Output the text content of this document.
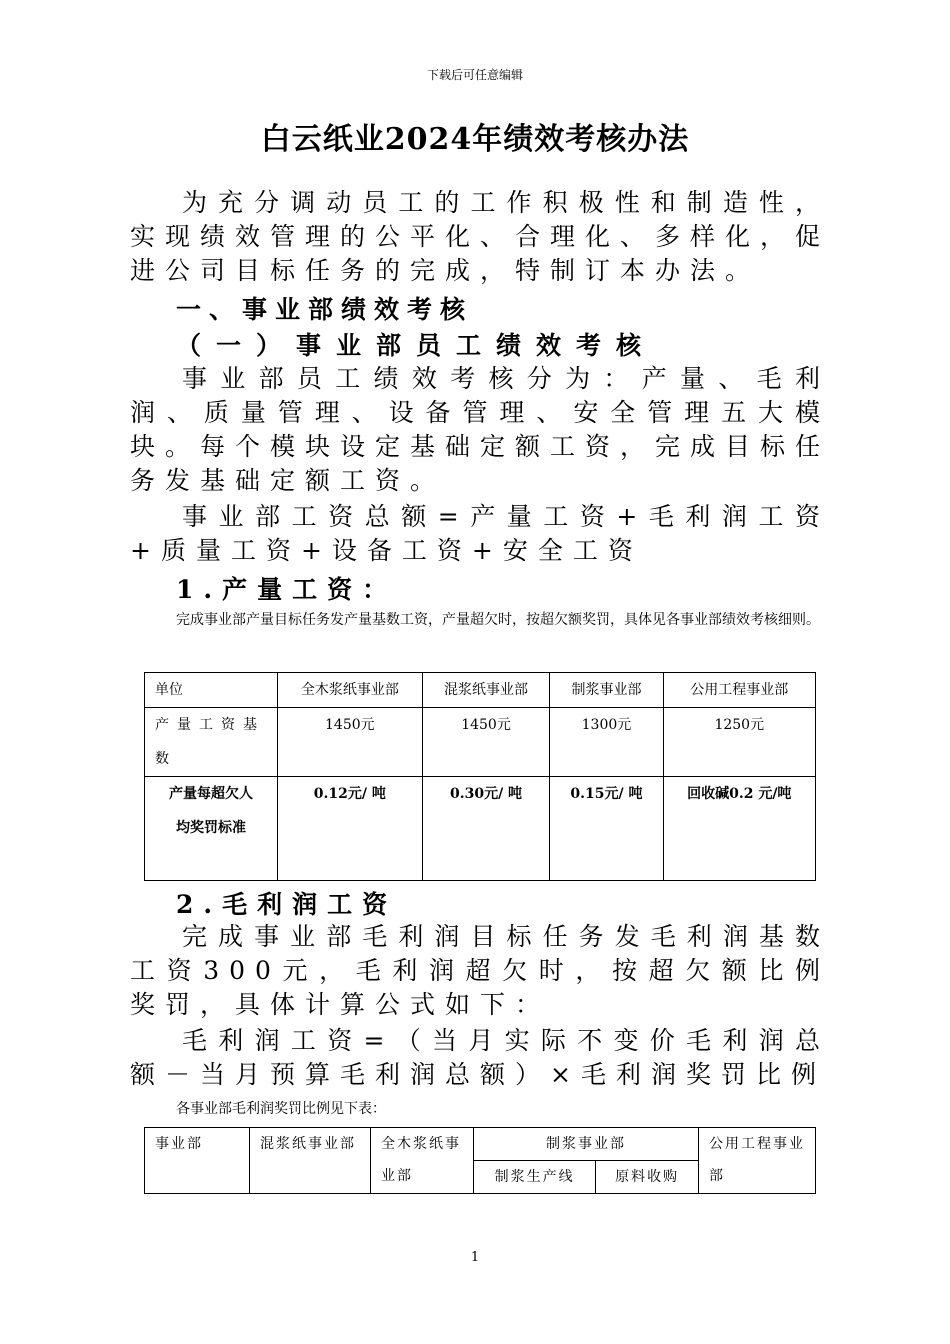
下载后可任意编辑
白云纸业2024年绩效考核办法

为充分调动员工的工作积极性和制造性，实现绩效管理的公平化、合理化、多样化，促进公司目标任务的完成，特制订本办法。

一、事业部绩效考核
（一）事业部员工绩效考核

事业部员工绩效考核分为：产量、毛利润、质量管理、设备管理、安全管理五大模块。每个模块设定基础定额工资，完成目标任务发基础定额工资。

事业部工资总额=产量工资+毛利润工资+质量工资+设备工资+安全工资

1.产量工资：

完成事业部产量目标任务发产量基数工资，产量超欠时，按超欠额奖罚，具体见各事业部绩效考核细则。

单位	全木浆纸事业部	混浆纸事业部	制浆事业部	公用工程事业部
产量工资基数	1450元	1450元	1300元	1250元
产量每超欠人均奖罚标准	0.12元/ 吨	0.30元/ 吨	0.15元/ 吨	回收碱0.2 元/吨
2.毛利润工资

完成事业部毛利润目标任务发毛利润基数工资300元，毛利润超欠时，按超欠额比例奖罚，具体计算公式如下：

毛利润工资=（当月实际不变价毛利润总额－当月预算毛利润总额）×毛利润奖罚比例

各事业部毛利润奖罚比例见下表：

事业部	混浆纸事业部	全木浆纸事业部	制浆事业部		公用工程事业部
			制浆生产线	原料收购	
1
